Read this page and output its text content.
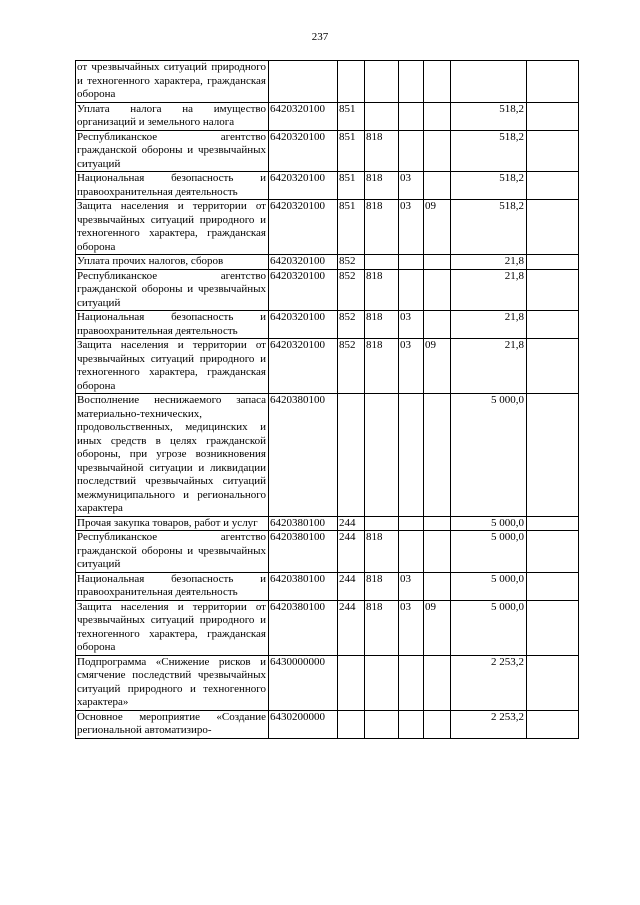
237
от чрезвычайных ситуаций природного и техногенного характера, гражданская оборона							
Уплата налога на имущество организаций и земельного налога	6420320100	851				518,2	
Республиканское агентство гражданской обороны и чрезвычайных ситуаций	6420320100	851	818			518,2	
Национальная безопасность и правоохранительная деятельность	6420320100	851	818	03		518,2	
Защита населения и территории от чрезвычайных ситуаций природного и техногенного характера, гражданская оборона	6420320100	851	818	03	09	518,2	
Уплата прочих налогов, сборов	6420320100	852				21,8	
Республиканское агентство гражданской обороны и чрезвычайных ситуаций	6420320100	852	818			21,8	
Национальная безопасность и правоохранительная деятельность	6420320100	852	818	03		21,8	
Защита населения и территории от чрезвычайных ситуаций природного и техногенного характера, гражданская оборона	6420320100	852	818	03	09	21,8	
Восполнение неснижаемого запаса материально-технических, продовольственных, медицинских и иных средств в целях гражданской обороны, при угрозе возникновения чрезвычайной ситуации и ликвидации последствий чрезвычайных ситуаций межмуниципального и регионального характера	6420380100					5 000,0	
Прочая закупка товаров, работ и услуг	6420380100	244				5 000,0	
Республиканское агентство гражданской обороны и чрезвычайных ситуаций	6420380100	244	818			5 000,0	
Национальная безопасность и правоохранительная деятельность	6420380100	244	818	03		5 000,0	
Защита населения и территории от чрезвычайных ситуаций природного и техногенного характера, гражданская оборона	6420380100	244	818	03	09	5 000,0	
Подпрограмма «Снижение рисков и смягчение последствий чрезвычайных ситуаций природного и техногенного характера»	6430000000					2 253,2	
Основное мероприятие «Создание региональной автоматизиро-	6430200000					2 253,2	
